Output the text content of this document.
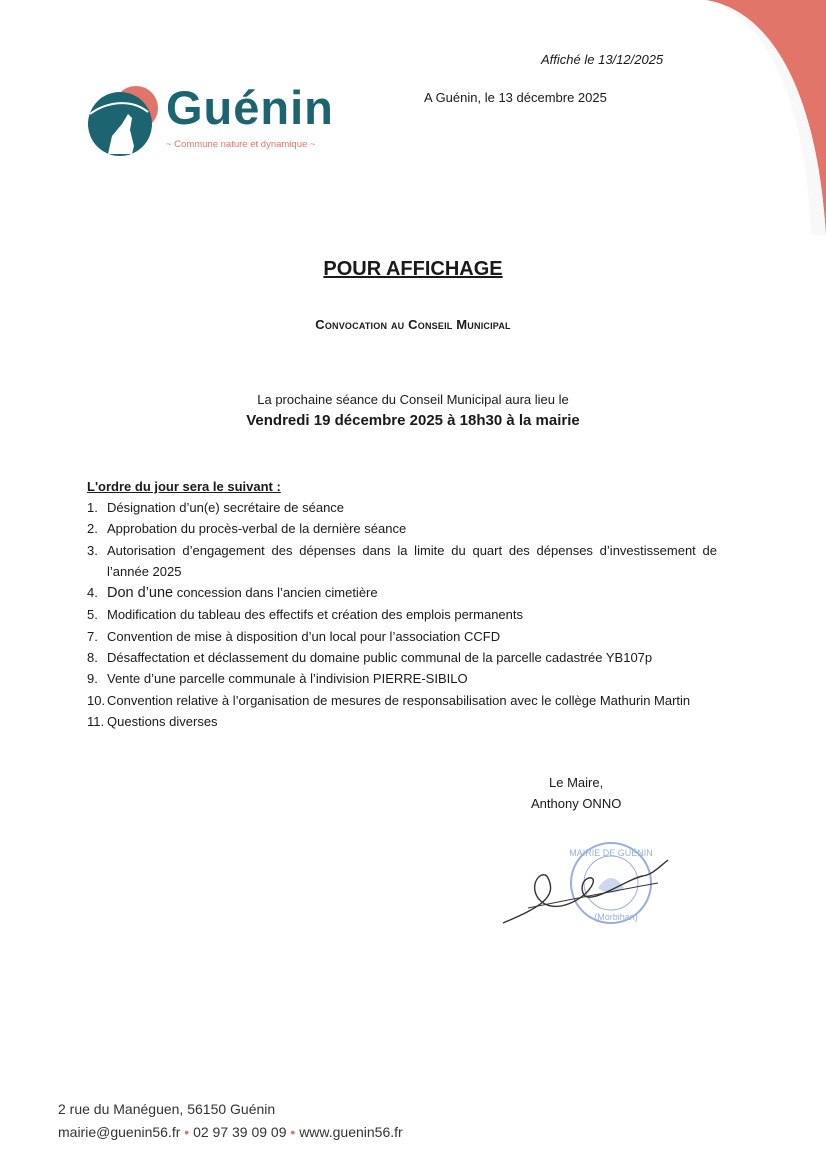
Affiché le 13/12/2025
A Guénin, le 13 décembre 2025
Guénin
~ Commune nature et dynamique ~
POUR AFFICHAGE
Convocation au Conseil Municipal
La prochaine séance du Conseil Municipal aura lieu le
Vendredi 19 décembre 2025 à 18h30 à la mairie
L'ordre du jour sera le suivant :
1. Désignation d’un(e) secrétaire de séance
2. Approbation du procès-verbal de la dernière séance
3. Autorisation d’engagement des dépenses dans la limite du quart des dépenses d’investissement de l’année 2025
4. Don d’une concession dans l’ancien cimetière
5. Modification du tableau des effectifs et création des emplois permanents
7. Convention de mise à disposition d’un local pour l’association CCFD
8. Désaffectation et déclassement du domaine public communal de la parcelle cadastrée YB107p
9. Vente d’une parcelle communale à l’indivision PIERRE-SIBILO
10. Convention relative à l’organisation de mesures de responsabilisation avec le collège Mathurin Martin
11. Questions diverses
Le Maire,
Anthony ONNO
MAIRIE DE GUÉNIN
(Morbihan)
2 rue du Manéguen, 56150 Guénin
mairie@guenin56.fr • 02 97 39 09 09 • www.guenin56.fr
